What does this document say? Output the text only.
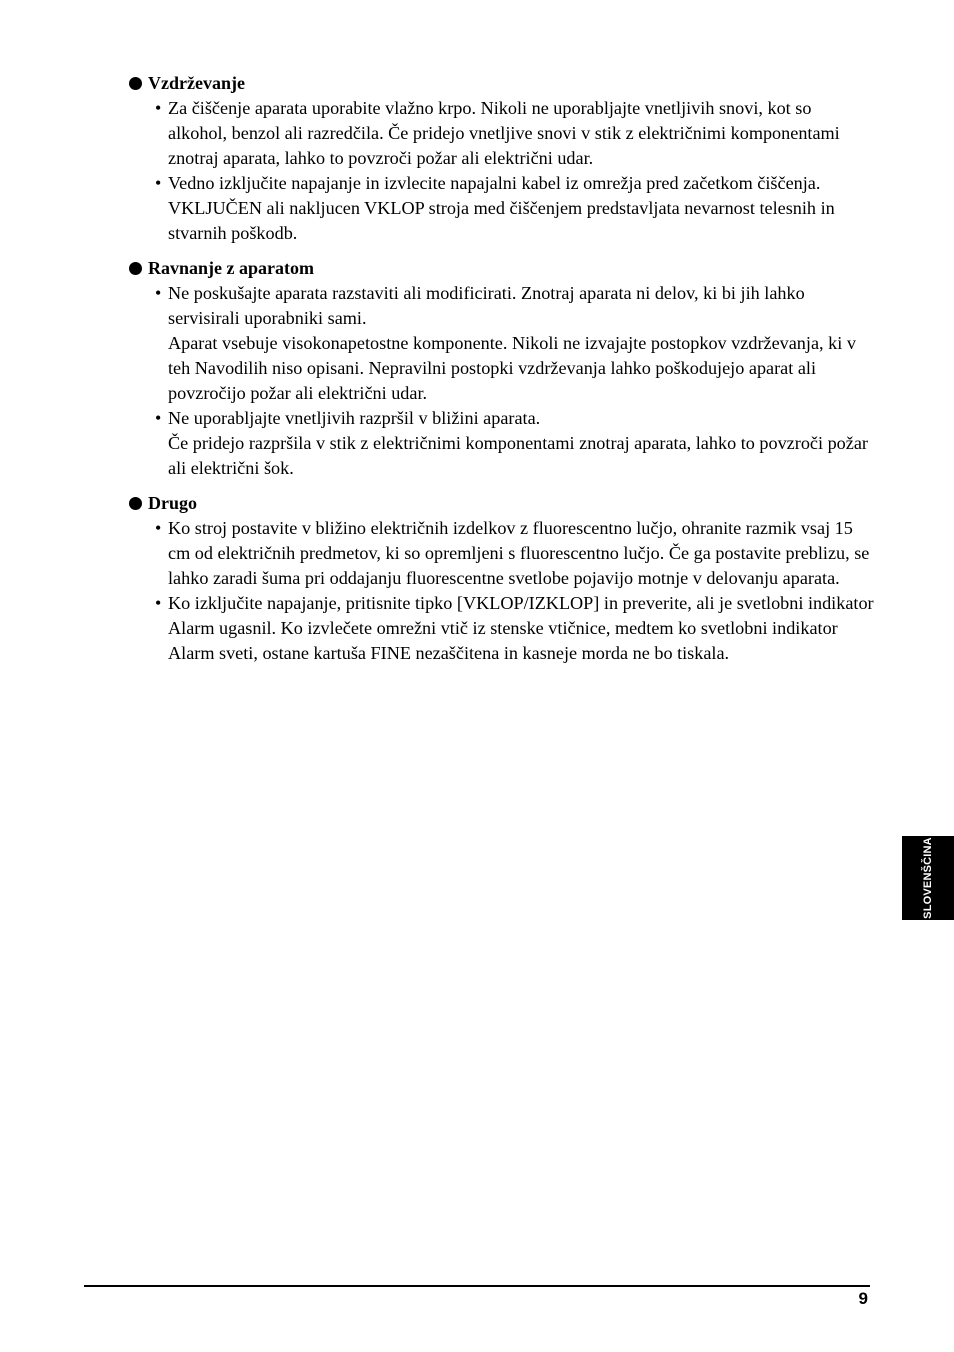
Vzdrževanje
• Za čiščenje aparata uporabite vlažno krpo. Nikoli ne uporabljajte vnetljivih snovi, kot so alkohol, benzol ali razredčila. Če pridejo vnetljive snovi v stik z električnimi komponentami znotraj aparata, lahko to povzroči požar ali električni udar.
• Vedno izključite napajanje in izvlecite napajalni kabel iz omrežja pred začetkom čiščenja. VKLJUČEN ali nakljucen VKLOP stroja med čiščenjem predstavljata nevarnost telesnih in stvarnih poškodb.
Ravnanje z aparatom
• Ne poskušajte aparata razstaviti ali modificirati. Znotraj aparata ni delov, ki bi jih lahko servisirali uporabniki sami.
Aparat vsebuje visokonapetostne komponente. Nikoli ne izvajajte postopkov vzdrževanja, ki v teh Navodilih niso opisani. Nepravilni postopki vzdrževanja lahko poškodujejo aparat ali povzročijo požar ali električni udar.
• Ne uporabljajte vnetljivih razpršil v bližini aparata.
Če pridejo razpršila v stik z električnimi komponentami znotraj aparata, lahko to povzroči požar ali električni šok.
Drugo
• Ko stroj postavite v bližino električnih izdelkov z fluorescentno lučjo, ohranite razmik vsaj 15 cm od električnih predmetov, ki so opremljeni s fluorescentno lučjo. Če ga postavite preblizu, se lahko zaradi šuma pri oddajanju fluorescentne svetlobe pojavijo motnje v delovanju aparata.
• Ko izključite napajanje, pritisnite tipko [VKLOP/IZKLOP] in preverite, ali je svetlobni indikator Alarm ugasnil. Ko izvlečete omrežni vtič iz stenske vtičnice, medtem ko svetlobni indikator Alarm sveti, ostane kartuša FINE nezaščitena in kasneje morda ne bo tiskala.
SLOVENŠČINA
9
